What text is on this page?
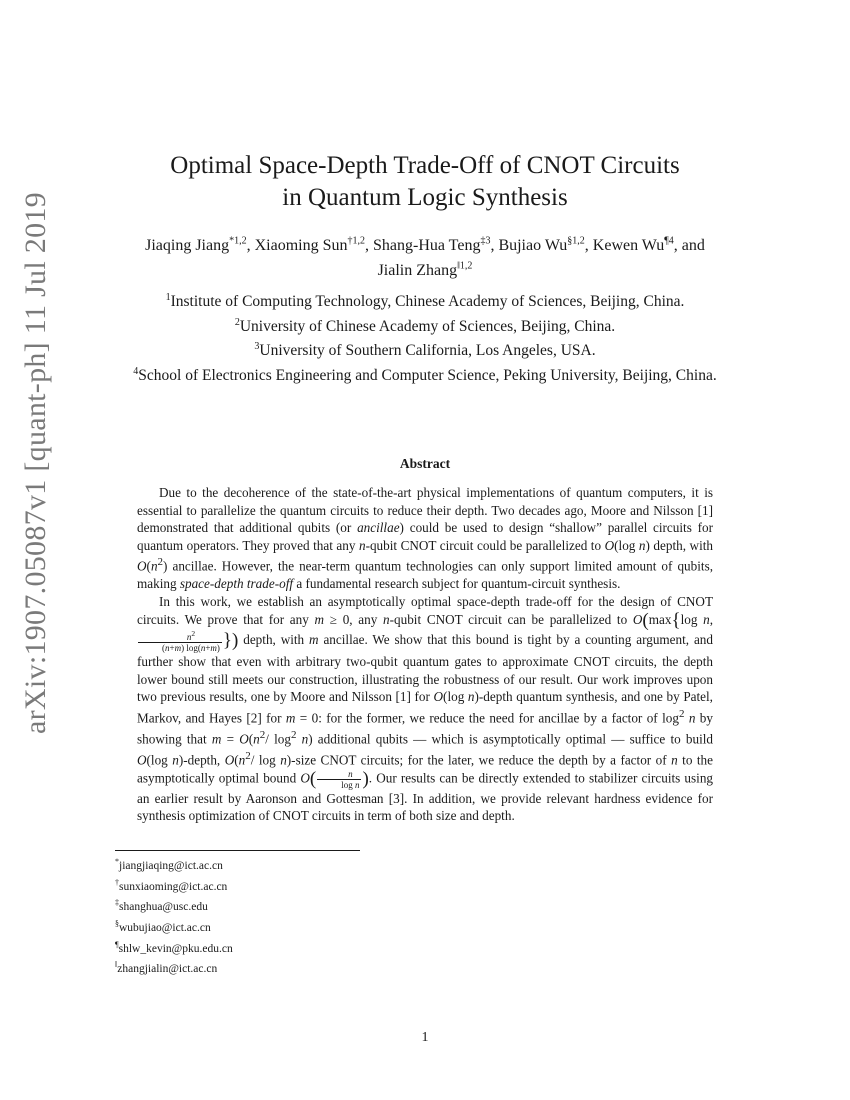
arXiv:1907.05087v1 [quant-ph] 11 Jul 2019
Optimal Space-Depth Trade-Off of CNOT Circuits
in Quantum Logic Synthesis
Jiaqing Jiang$^{*1,2}$, Xiaoming Sun$^{\dagger 1,2}$, Shang-Hua Teng$^{\ddagger 3}$, Bujiao Wu$^{\S 1,2}$, Kewen Wu$^{\P 4}$, and
Jialin Zhang$^{‖1,2}$
$^1$Institute of Computing Technology, Chinese Academy of Sciences, Beijing, China.
$^2$University of Chinese Academy of Sciences, Beijing, China.
$^3$University of Southern California, Los Angeles, USA.
$^4$School of Electronics Engineering and Computer Science, Peking University, Beijing, China.
Abstract

Due to the decoherence of the state-of-the-art physical implementations of quantum computers, it is essential to parallelize the quantum circuits to reduce their depth. Two decades ago, Moore and Nilsson [1] demonstrated that additional qubits (or ancillae) could be used to design “shallow” parallel circuits for quantum operators. They proved that any n-qubit CNOT circuit could be parallelized to O(log n) depth, with $O(n^2)$ ancillae. However, the near-term quantum technologies can only support limited amount of qubits, making space-depth trade-off a fundamental research subject for quantum-circuit synthesis.

In this work, we establish an asymptotically optimal space-depth trade-off for the design of CNOT circuits. We prove that for any m ≥ 0, any n-qubit CNOT circuit can be parallelized to O(max{log n,
$\frac{n^2}{(n+m) \log(n+m)}$ }) depth, with m ancillae. We show that this bound is tight by a counting argument, and further show that even with arbitrary two-qubit quantum gates to approximate CNOT circuits, the depth lower bound still meets our construction, illustrating the robustness of our result. Our work improves upon two previous results, one by Moore and Nilsson [1] for O(log n)-depth quantum synthesis, and one by Patel, Markov, and Hayes [2] for m = 0: for the former, we reduce the need for ancillae by a factor of $\log^2 n$ by showing that $m = O(n^2/$ $\log^2 n$) additional qubits — which is asymptotically optimal — suffice to build O(log n)-depth, $O(n^2/$ log n)-size CNOT circuits; for the later, we reduce the depth by a factor of n to the asymptotically optimal bound $O( \frac{n}{\text{log n}}$ ). Our results can be directly extended to stabilizer circuits using an earlier result by Aaronson and Gottesman [3]. In addition, we provide relevant hardness evidence for synthesis optimization of CNOT circuits in term of both size and depth.

*jiangjiaqing@ict.ac.cn
†sunxiaoming@ict.ac.cn
‡shanghua@usc.edu
§wubujiao@ict.ac.cn
¶shlw_kevin@pku.edu.cn
‖zhangjialin@ict.ac.cn
1
